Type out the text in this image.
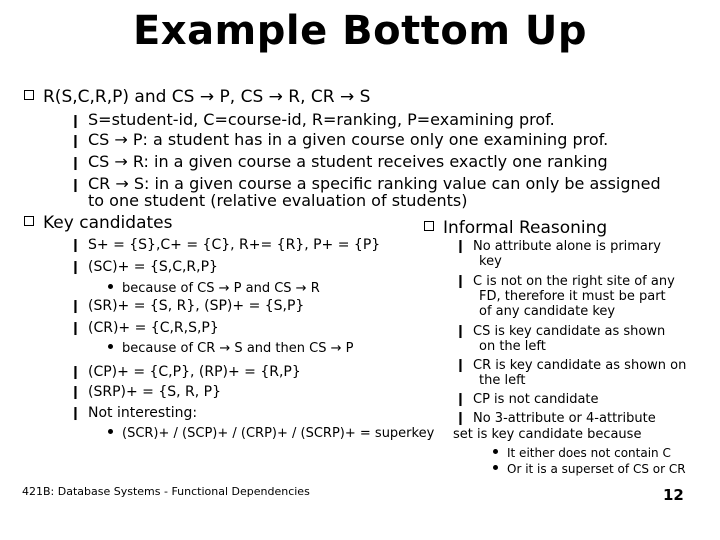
Example Bottom Up
R(S,C,R,P) and CS → P, CS → R, CR → S
❙ S=student-id, C=course-id, R=ranking, P=examining prof.
❙ CS → P: a student has in a given course only one examining prof.
❙ CS → R: in a given course a student receives exactly one ranking
❙ CR → S: in a given course a specific ranking value can only be assigned
to one student (relative evaluation of students)
Key candidates
❙ S+ = {S},C+ = {C}, R+= {R}, P+ = {P}
❙ (SC)+ = {S,C,R,P}
because of CS → P and CS → R
❙ (SR)+ = {S, R}, (SP)+ = {S,P}
❙ (CR)+ = {C,R,S,P}
because of CR → S and then CS → P
❙ (CP)+ = {C,P}, (RP)+ = {R,P}
❙ (SRP)+ = {S, R, P}
❙ Not interesting:
(SCR)+ / (SCP)+ / (CRP)+ / (SCRP)+ = superkey
Informal Reasoning
❙ No attribute alone is primary
key
❙ C is not on the right site of any
FD, therefore it must be part
of any candidate key
❙ CS is key candidate as shown
on the left
❙ CR is key candidate as shown on
the left
❙ CP is not candidate
❙ No 3-attribute or 4-attribute
set is key candidate because
It either does not contain C
Or it is a superset of CS or CR
421B: Database Systems - Functional Dependencies	12
